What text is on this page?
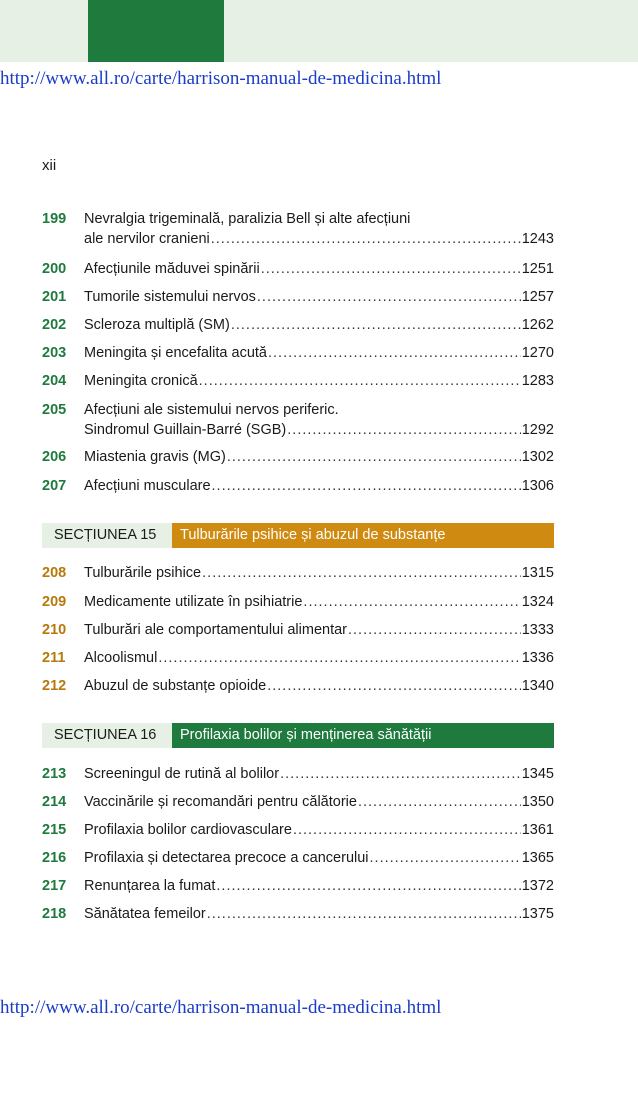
http://www.all.ro/carte/harrison-manual-de-medicina.html
xii
199	Nevralgia trigeminală, paralizia Bell și alte afecțiuni
ale nervilor cranieni .....	1243
200	Afecțiunile măduvei spinării .....	1251
201	Tumorile sistemului nervos .....	1257
202	Scleroza multiplă (SM) .....	1262
203	Meningita și encefalita acută .....	1270
204	Meningita cronică .....	1283
205	Afecțiuni ale sistemului nervos periferic.
Sindromul Guillain-Barré (SGB) .....	1292
206	Miastenia gravis (MG) .....	1302
207	Afecțiuni musculare .....	1306
SECȚIUNEA 15	Tulburările psihice și abuzul de substanțe
208	Tulburările psihice .....	1315
209	Medicamente utilizate în psihiatrie .....	1324
210	Tulburări ale comportamentului alimentar .....	1333
211	Alcoolismul .....	1336
212	Abuzul de substanțe opioide .....	1340
SECȚIUNEA 16	Profilaxia bolilor și menținerea sănătății
213	Screeningul de rutină al bolilor .....	1345
214	Vaccinările și recomandări pentru călătorie .....	1350
215	Profilaxia bolilor cardiovasculare .....	1361
216	Profilaxia și detectarea precoce a cancerului .....	1365
217	Renunțarea la fumat .....	1372
218	Sănătatea femeilor .....	1375
http://www.all.ro/carte/harrison-manual-de-medicina.html
